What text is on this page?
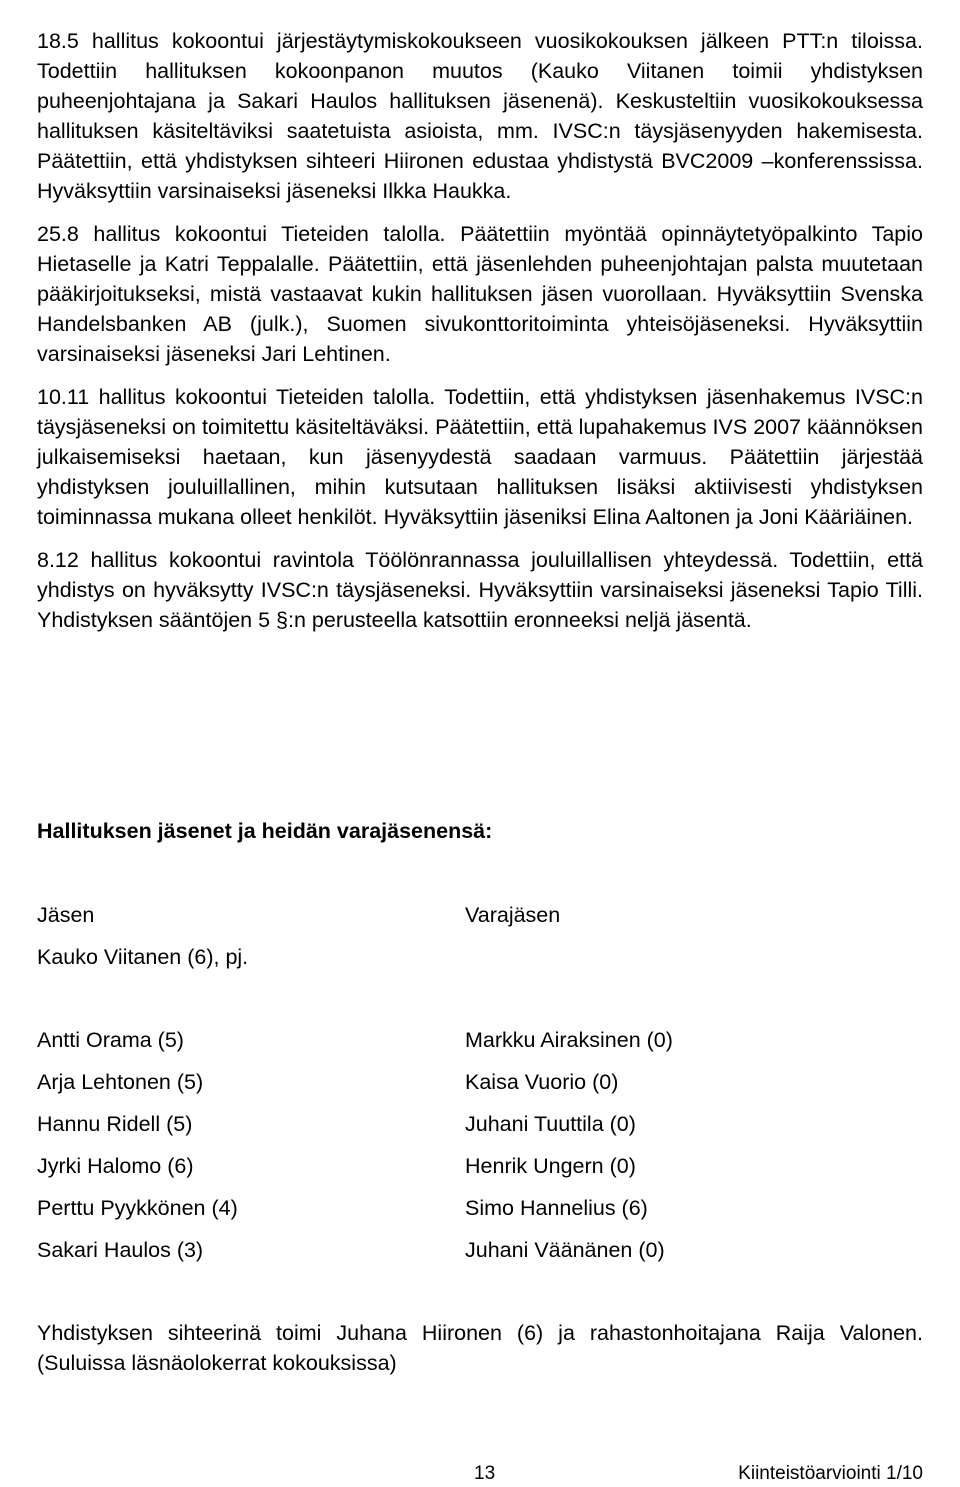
18.5 hallitus kokoontui järjestäytymiskokoukseen vuosikokouksen jälkeen PTT:n tiloissa. Todettiin hallituksen kokoonpanon muutos (Kauko Viitanen toimii yhdistyksen puheenjohtajana ja Sakari Haulos hallituksen jäsenenä). Keskusteltiin vuosikokouksessa hallituksen käsiteltäviksi saatetuista asioista, mm. IVSC:n täysjäsenyyden hakemisesta. Päätettiin, että yhdistyksen sihteeri Hiironen edustaa yhdistystä BVC2009 –konferenssissa. Hyväksyttiin varsinaiseksi jäseneksi Ilkka Haukka.

25.8 hallitus kokoontui Tieteiden talolla. Päätettiin myöntää opinnäytetyöpalkinto Tapio Hietaselle ja Katri Teppalalle. Päätettiin, että jäsenlehden puheenjohtajan palsta muutetaan pääkirjoitukseksi, mistä vastaavat kukin hallituksen jäsen vuorollaan. Hyväksyttiin Svenska Handelsbanken AB (julk.), Suomen sivukonttoritoiminta yhteisöjäseneksi. Hyväksyttiin varsinaiseksi jäseneksi Jari Lehtinen.

10.11 hallitus kokoontui Tieteiden talolla. Todettiin, että yhdistyksen jäsenhakemus IVSC:n täysjäseneksi on toimitettu käsiteltäväksi. Päätettiin, että lupahakemus IVS 2007 käännöksen julkaisemiseksi haetaan, kun jäsenyydestä saadaan varmuus. Päätettiin järjestää yhdistyksen jouluillallinen, mihin kutsutaan hallituksen lisäksi aktiivisesti yhdistyksen toiminnassa mukana olleet henkilöt. Hyväksyttiin jäseniksi Elina Aaltonen ja Joni Kääriäinen.

8.12 hallitus kokoontui ravintola Töölönrannassa jouluillallisen yhteydessä. Todettiin, että yhdistys on hyväksytty IVSC:n täysjäseneksi. Hyväksyttiin varsinaiseksi jäseneksi Tapio Tilli. Yhdistyksen sääntöjen 5 §:n perusteella katsottiin eronneeksi neljä jäsentä.

Hallituksen jäsenet ja heidän varajäsenensä:
Jäsen	Varajäsen
Kauko Viitanen (6), pj.
Antti Orama (5)	Markku Airaksinen (0)
Arja Lehtonen (5)	Kaisa Vuorio (0)
Hannu Ridell (5)	Juhani Tuuttila (0)
Jyrki Halomo (6)	Henrik Ungern (0)
Perttu Pyykkönen (4)	Simo Hannelius (6)
Sakari Haulos (3)	Juhani Väänänen (0)

Yhdistyksen sihteerinä toimi Juhana Hiironen (6) ja rahastonhoitajana Raija Valonen. (Suluissa läsnäolokerrat kokouksissa)

13	Kiinteistöarviointi 1/10
